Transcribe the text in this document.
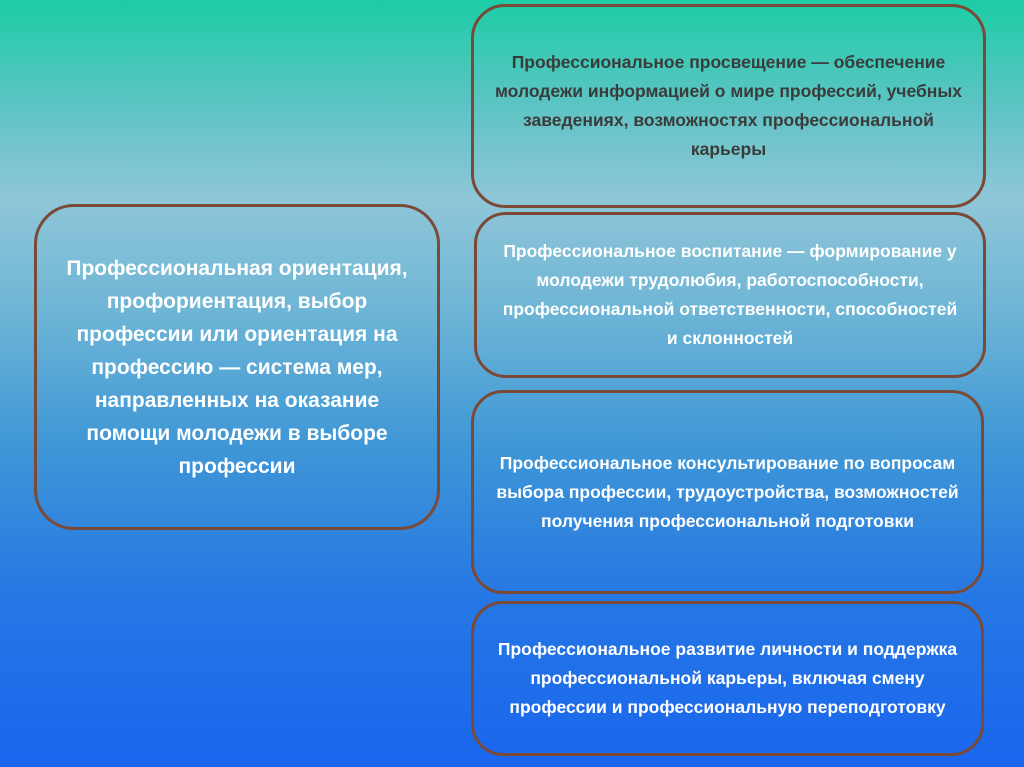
Профессиональная ориентация, профориентация, выбор профессии или ориентация на профессию — система мер, направленных на оказание помощи молодежи в выборе профессии
Профессиональное просвещение — обеспечение молодежи информацией о мире профессий, учебных заведениях, возможностях профессиональной карьеры
Профессиональное воспитание — формирование у молодежи трудолюбия, работоспособности, профессиональной ответственности, способностей и склонностей
Профессиональное консультирование по вопросам выбора профессии, трудоустройства, возможностей получения профессиональной подготовки
Профессиональное развитие личности и поддержка профессиональной карьеры, включая смену профессии и профессиональную переподготовку
